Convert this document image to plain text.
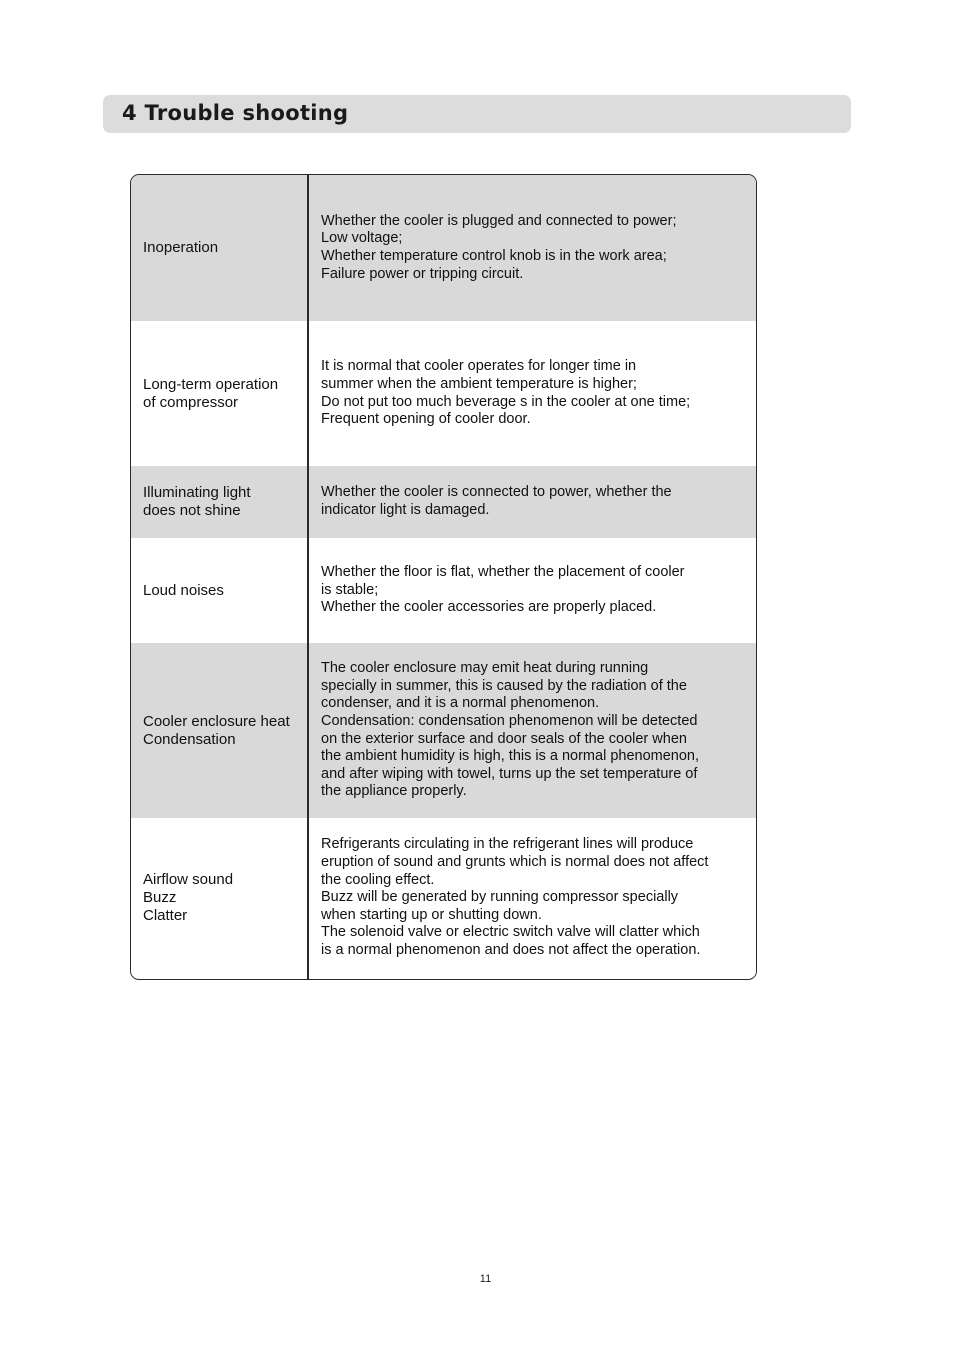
4 Trouble shooting
Inoperation
Whether the cooler is plugged and connected to power;
Low voltage;
Whether temperature control knob is in the work area;
Failure power or tripping circuit.
Long-term operation
of compressor
It is normal that cooler operates for longer time in
summer when the ambient temperature is higher;
Do not put too much beverage s in the cooler at one time;
Frequent opening of cooler door.
Illuminating light
does not shine
Whether the cooler is connected to power, whether the
indicator light is damaged.
Loud noises
Whether the floor is flat, whether the placement of cooler
is stable;
Whether the cooler accessories are properly placed.
Cooler enclosure heat
Condensation
The cooler enclosure may emit heat during running
specially in summer, this is caused by the radiation of the
condenser, and it is a normal phenomenon.
Condensation: condensation phenomenon will be detected
on the exterior surface and door seals of the cooler when
the ambient humidity is high, this is a normal phenomenon,
and after wiping with towel, turns up the set temperature of
the appliance properly.
Airflow sound
Buzz
Clatter
Refrigerants circulating in the refrigerant lines will produce
eruption of sound and grunts which is normal does not affect
the cooling effect.
Buzz will be generated by running compressor specially
when starting up or shutting down.
The solenoid valve or electric switch valve will clatter which
is a normal phenomenon and does not affect the operation.
11
